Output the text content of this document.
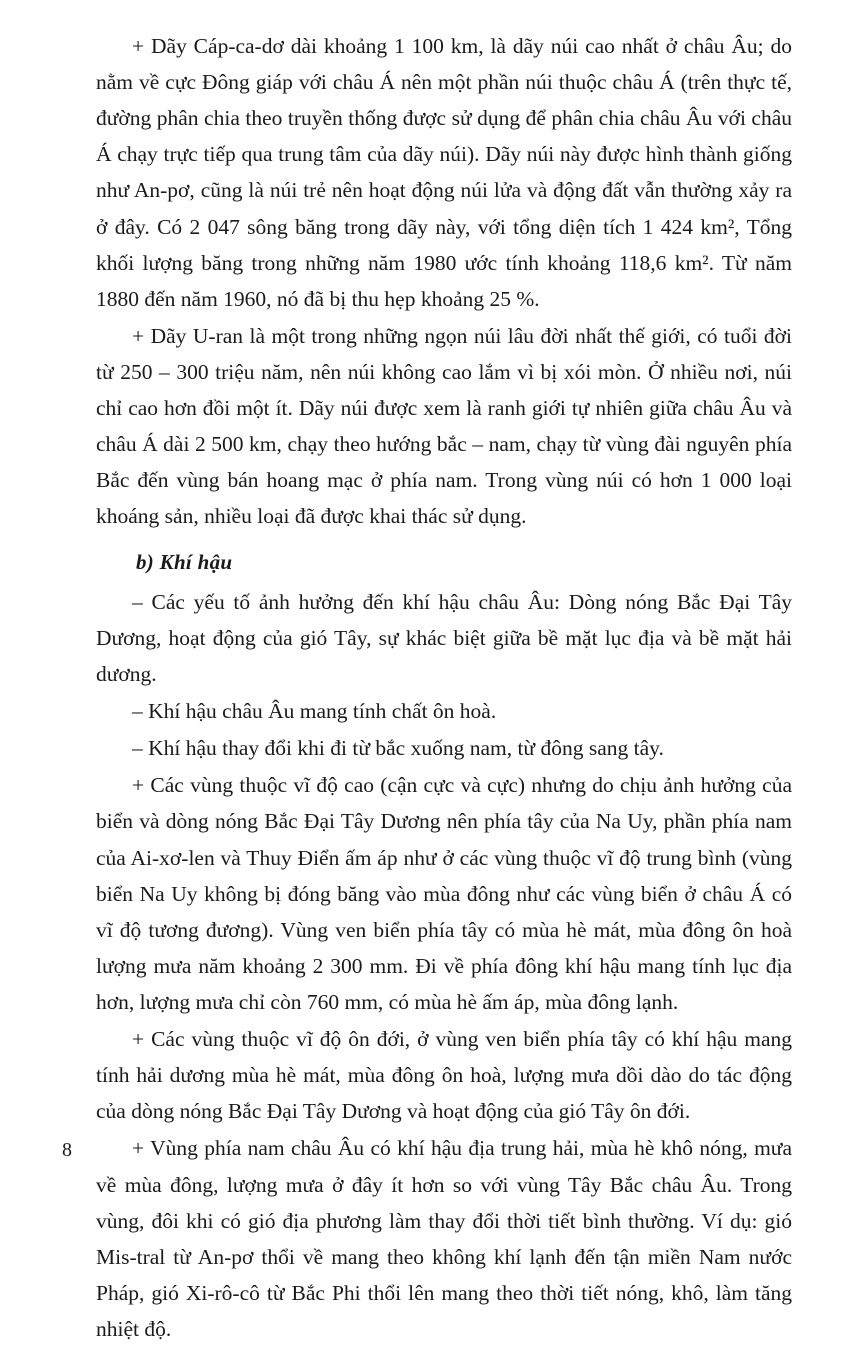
+ Dãy Cáp-ca-dơ dài khoảng 1 100 km, là dãy núi cao nhất ở châu Âu; do nằm về cực Đông giáp với châu Á nên một phần núi thuộc châu Á (trên thực tế, đường phân chia theo truyền thống được sử dụng để phân chia châu Âu với châu Á chạy trực tiếp qua trung tâm của dãy núi). Dãy núi này được hình thành giống như An-pơ, cũng là núi trẻ nên hoạt động núi lửa và động đất vẫn thường xảy ra ở đây. Có 2 047 sông băng trong dãy này, với tổng diện tích 1 424 km², Tổng khối lượng băng trong những năm 1980 ước tính khoảng 118,6 km². Từ năm 1880 đến năm 1960, nó đã bị thu hẹp khoảng 25 %.

+ Dãy U-ran là một trong những ngọn núi lâu đời nhất thế giới, có tuổi đời từ 250 – 300 triệu năm, nên núi không cao lắm vì bị xói mòn. Ở nhiều nơi, núi chỉ cao hơn đồi một ít. Dãy núi được xem là ranh giới tự nhiên giữa châu Âu và châu Á dài 2 500 km, chạy theo hướng bắc – nam, chạy từ vùng đài nguyên phía Bắc đến vùng bán hoang mạc ở phía nam. Trong vùng núi có hơn 1 000 loại khoáng sản, nhiều loại đã được khai thác sử dụng.

b) Khí hậu

– Các yếu tố ảnh hưởng đến khí hậu châu Âu: Dòng nóng Bắc Đại Tây Dương, hoạt động của gió Tây, sự khác biệt giữa bề mặt lục địa và bề mặt hải dương.

– Khí hậu châu Âu mang tính chất ôn hoà.

– Khí hậu thay đổi khi đi từ bắc xuống nam, từ đông sang tây.

+ Các vùng thuộc vĩ độ cao (cận cực và cực) nhưng do chịu ảnh hưởng của biển và dòng nóng Bắc Đại Tây Dương nên phía tây của Na Uy, phần phía nam của Ai-xơ-len và Thuy Điển ấm áp như ở các vùng thuộc vĩ độ trung bình (vùng biển Na Uy không bị đóng băng vào mùa đông như các vùng biển ở châu Á có vĩ độ tương đương). Vùng ven biển phía tây có mùa hè mát, mùa đông ôn hoà lượng mưa năm khoảng 2 300 mm. Đi về phía đông khí hậu mang tính lục địa hơn, lượng mưa chỉ còn 760 mm, có mùa hè ấm áp, mùa đông lạnh.

+ Các vùng thuộc vĩ độ ôn đới, ở vùng ven biển phía tây có khí hậu mang tính hải dương mùa hè mát, mùa đông ôn hoà, lượng mưa dồi dào do tác động của dòng nóng Bắc Đại Tây Dương và hoạt động của gió Tây ôn đới.

+ Vùng phía nam châu Âu có khí hậu địa trung hải, mùa hè khô nóng, mưa về mùa đông, lượng mưa ở đây ít hơn so với vùng Tây Bắc châu Âu. Trong vùng, đôi khi có gió địa phương làm thay đổi thời tiết bình thường. Ví dụ: gió Mis-tral từ An-pơ thổi về mang theo không khí lạnh đến tận miền Nam nước Pháp, gió Xi-rô-cô từ Bắc Phi thổi lên mang theo thời tiết nóng, khô, làm tăng nhiệt độ.

8
